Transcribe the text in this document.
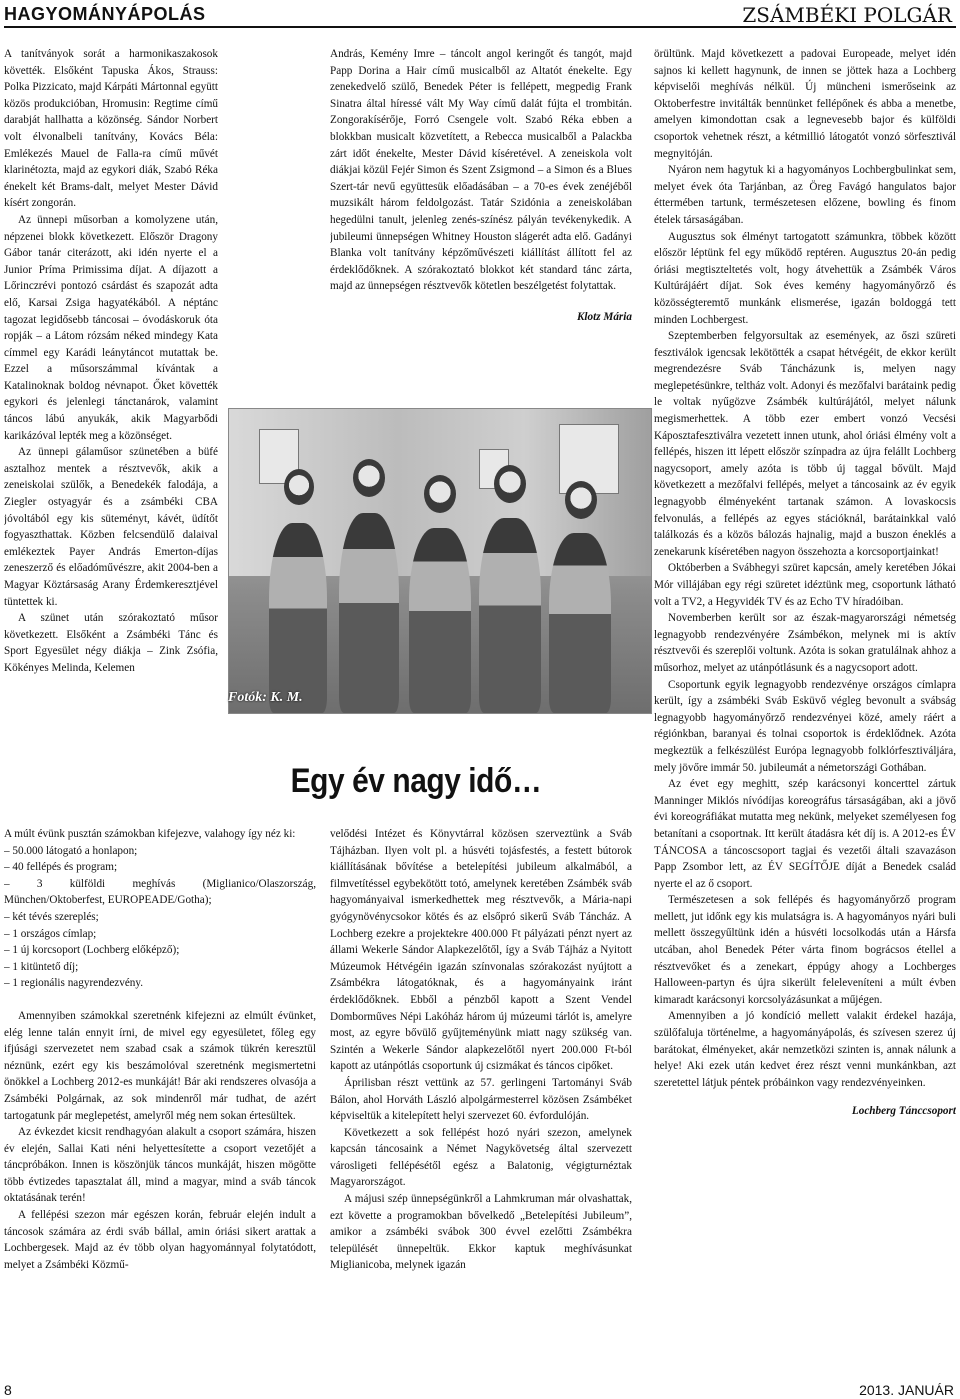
HAGYOMÁNYÁPOLÁS	ZSÁMBÉKI POLGÁR

A tanítványok sorát a harmonikaszakosok követték. Elsőként Tapuska Ákos, Strauss: Polka Pizzicato, majd Kárpáti Mártonnal együtt közös produkcióban, Hromusin: Regtime című darabját hallhatta a közönség. Sándor Norbert volt élvonalbeli tanítvány, Kovács Béla: Emlékezés Mauel de Falla-ra című művét klarinétozta, majd az egykori diák, Szabó Réka énekelt két Brams-dalt, melyet Mester Dávid kísért zongorán.

Az ünnepi műsorban a komolyzene után, népzenei blokk következett. Először Dragony Gábor tanár citerázott, aki idén nyerte el a Junior Príma Primissima díjat. A díjazott a Lőrinczrévi pontozó csárdást és szapozát adta elő, Karsai Zsiga hagyatékából. A néptánc tagozat legidősebb táncosai – óvodáskoruk óta ropják – a Látom rózsám néked mindegy Kata címmel egy Karádi leánytáncot mutattak be. Ezzel a műsorszámmal kívántak a Katalinoknak boldog névnapot. Őket követték egykori és jelenlegi tánctanárok, valamint táncos lábú anyukák, akik Magyarbődi karikázóval lepték meg a közönséget.

Az ünnepi gálaműsor szünetében a büfé asztalhoz mentek a résztvevők, akik a zeneiskolai szülők, a Benedekék falodája, a Ziegler ostyagyár és a zsámbéki CBA jóvoltából egy kis süteményt, kávét, üdítőt fogyaszthattak. Közben felcsendülő dalaival emlékeztek Payer András Emerton-díjas zeneszerző és előadóművészre, akit 2004-ben a Magyar Köztársaság Arany Érdemkeresztjével tüntettek ki.

A szünet után szórakoztató műsor következett. Elsőként a Zsámbéki Tánc és Sport Egyesület négy diákja – Zink Zsófia, Kökényes Melinda, Kelemen

András, Kemény Imre – táncolt angol keringőt és tangót, majd Papp Dorina a Hair című musicalből az Altatót énekelte. Egy zenekedvelő szülő, Benedek Péter is fellépett, megpedig Frank Sinatra által híressé vált My Way című dalát fújta el trombitán. Zongorakísérője, Forró Csengele volt. Szabó Réka ebben a blokkban musicalt közvetített, a Rebecca musicalből a Palackba zárt időt énekelte, Mester Dávid kíséretével. A zeneiskola volt diákjai közül Fejér Simon és Szent Zsigmond – a Simon és a Blues Szert-tár nevű együttesük előadásában – a 70-es évek zenéjéből muzsikált három feldolgozást. Tatár Szidónia a zeneiskolában hegedülni tanult, jelenleg zenés-színész pályán tevékenykedik. A jubileumi ünnepségen Whitney Houston slágerét adta elő. Gadányi Blanka volt tanítvány képzőművészeti kiállítást állított fel az érdeklődőknek. A szórakoztató blokkot két standard tánc zárta, majd az ünnepségen résztvevők kötetlen beszélgetést folytattak.

Klotz Mária

Fotók: K. M.
Egy év nagy idő…

A múlt évünk pusztán számokban kifejezve, valahogy így néz ki:

– 50.000 látogató a honlapon;
– 40 fellépés és program;
– 3 külföldi meghívás (Miglianico/Olaszország, München/Oktoberfest, EUROPEADE/Gotha);
– két tévés szereplés;
– 1 országos címlap;
– 1 új korcsoport (Lochberg előképző);
– 1 kitüntető díj;
– 1 regionális nagyrendezvény.

Amennyiben számokkal szeretnénk kifejezni az elmúlt évünket, elég lenne talán ennyit írni, de mivel egy egyesületet, főleg egy ifjúsági szervezetet nem szabad csak a számok tükrén keresztül néznünk, ezért egy kis beszámolóval szeretnénk megismertetni önökkel a Lochberg 2012-es munkáját! Bár aki rendszeres olvasója a Zsámbéki Polgárnak, az sok mindenről már tudhat, de azért tartogatunk pár meglepetést, amelyről még nem sokan értesültek.

Az évkezdet kicsit rendhagyóan alakult a csoport számára, hiszen év elején, Sallai Kati néni helyettesítette a csoport vezetőjét a táncpróbákon. Innen is köszönjük táncos munkáját, hiszen mögötte több évtizedes tapasztalat áll, mind a magyar, mind a sváb táncok oktatásának terén!

A fellépési szezon már egészen korán, február elején indult a táncosok számára az érdi sváb bállal, amin óriási sikert arattak a Lochbergesek. Majd az év több olyan hagyománnyal folytatódott, melyet a Zsámbéki Közmű-

velődési Intézet és Könyvtárral közösen szerveztünk a Sváb Tájházban. Ilyen volt pl. a húsvéti tojásfestés, a festett bútorok kiállításának bővítése a betelepítési jubileum alkalmából, a filmvetítéssel egybekötött totó, amelynek keretében Zsámbék sváb hagyományaival ismerkedhettek meg résztvevők, a Mária-napi gyógynövénycsokor kötés és az elsőpró sikerű Sváb Táncház. A Lochberg ezekre a projektekre 400.000 Ft pályázati pénzt nyert az állami Wekerle Sándor Alapkezelőtől, így a Sváb Tájház a Nyitott Múzeumok Hétvégéin igazán színvonalas szórakozást nyújtott a Zsámbékra látogatóknak, és a hagyományaink iránt érdeklődőknek. Ebből a pénzből kapott a Szent Vendel Domborműves Népi Lakóház három új múzeumi tárlót is, amelyre most, az egyre bővülő gyűjteményünk miatt nagy szükség van. Szintén a Wekerle Sándor alapkezelőtől nyert 200.000 Ft-ból kapott az utánpótlás csoportunk új csizmákat és táncos cipőket.

Áprilisban részt vettünk az 57. gerlingeni Tartományi Sváb Bálon, ahol Horváth László alpolgármesterrel közösen Zsámbéket képviseltük a kitelepített helyi szervezet 60. évfordulóján.

Következett a sok fellépést hozó nyári szezon, amelynek kapcsán táncosaink a Német Nagykövetség által szervezett városligeti fellépésétől egész a Balatonig, végigturnéztak Magyarországot.

A májusi szép ünnepségünkről a Lahmkruman már olvashattak, ezt követte a programokban bővelkedő „Betelepítési Jubileum”, amikor a zsámbéki svábok 300 évvel ezelőtti Zsámbékra települését ünnepeltük. Ekkor kaptuk meghívásunkat Miglianicoba, melynek igazán

örültünk. Majd következett a padovai Europeade, melyet idén sajnos ki kellett hagynunk, de innen se jöttek haza a Lochberg képviselői meghívás nélkül. Új müncheni ismerőseink az Oktoberfestre invitálták bennünket fellépőnek és abba a menetbe, amelyen kimondottan csak a legnevesebb bajor és külföldi csoportok vehetnek részt, a kétmillió látogatót vonzó sörfesztivál megnyitóján.

Nyáron nem hagytuk ki a hagyományos Lochbergbulinkat sem, melyet évek óta Tarjánban, az Öreg Favágó hangulatos bajor éttermében tartunk, természetesen előzene, bowling és finom ételek társaságában.

Augusztus sok élményt tartogatott számunkra, többek között először léptünk fel egy működő reptéren. Augusztus 20-án pedig óriási megtiszteltetés volt, hogy átvehettük a Zsámbék Város Kultúrájáért díjat. Sok éves kemény hagyományőrző és közösségteremtő munkánk elismerése, igazán boldoggá tett minden Lochbergest.

Szeptemberben felgyorsultak az események, az őszi szüreti fesztiválok igencsak lekötötték a csapat hétvégéit, de ekkor került megrendezésre Sváb Táncházunk is, melyen nagy meglepetésünkre, teltház volt. Adonyi és mezőfalvi barátaink pedig le voltak nyűgözve Zsámbék kultúrájától, melyet nálunk megismerhettek. A több ezer embert vonzó Vecsési Káposztafesztiválra vezetett innen utunk, ahol óriási élmény volt a fellépés, hiszen itt lépett először színpadra az újra felállt Lochberg nagycsoport, amely azóta is több új taggal bővült. Majd következett a mezőfalvi fellépés, melyet a táncosaink az év egyik legnagyobb élményeként tartanak számon. A lovaskocsis felvonulás, a fellépés az egyes stációknál, barátainkkal való találkozás és a közös bálozás hajnalig, majd a buszon éneklés a zenekarunk kíséretében nagyon összehozta a korcsoportjainkat!

Októberben a Svábhegyi szüret kapcsán, amely keretében Jókai Mór villájában egy régi szüretet idéztünk meg, csoportunk látható volt a TV2, a Hegyvidék TV és az Echo TV híradóiban.

Novemberben került sor az észak-magyarországi németség legnagyobb rendezvényére Zsámbékon, melynek mi is aktív résztvevői és szereplői voltunk. Azóta is sokan gratulálnak ahhoz a műsorhoz, melyet az utánpótlásunk és a nagycsoport adott.

Csoportunk egyik legnagyobb rendezvénye országos címlapra került, így a zsámbéki Sváb Esküvő végleg bevonult a svábság legnagyobb hagyományőrző rendezvényei közé, amely ráért a régiónkban, baranyai és tolnai csoportok is érdeklődnek. Azóta megkeztük a felkészülést Európa legnagyobb folklórfesztiváljára, mely jövőre immár 50. jubileumát a németországi Gothában.

Az évet egy meghitt, szép karácsonyi koncerttel zártuk Manninger Miklós nívódíjas koreográfus társaságában, aki a jövő évi koreográfiákat mutatta meg nekünk, melyeket személyesen fog betanítani a csoportnak. Itt került átadásra két díj is. A 2012-es ÉV TÁNCOSA a táncoscsoport tagjai és vezetői általi szavazáson Papp Zsombor lett, az ÉV SEGÍTŐJE díját a Benedek család nyerte el az ő csoport.

Természetesen a sok fellépés és hagyományőrző program mellett, jut időnk egy kis mulatságra is. A hagyományos nyári buli mellett összegyűltünk idén a húsvéti locsolkodás után a Hársfa utcában, ahol Benedek Péter várta finom bográcsos étellel a résztvevőket és a zenekart, éppúgy ahogy a Lochberges Halloween-partyn és újra sikerült feleleveníteni a múlt évben kimaradt karácsonyi korcsolyázásunkat a műjégen.

Amennyiben a jó kondíció mellett valakit érdekel hazája, szülőfaluja történelme, a hagyományápolás, és szívesen szerez új barátokat, élményeket, akár nemzetközi szinten is, annak nálunk a helye! Aki ezek után kedvet érez részt venni munkánkban, azt szeretettel látjuk péntek próbáinkon vagy rendezvényeinken.

Lochberg Tánccsoport

8	2013. JANUÁR
